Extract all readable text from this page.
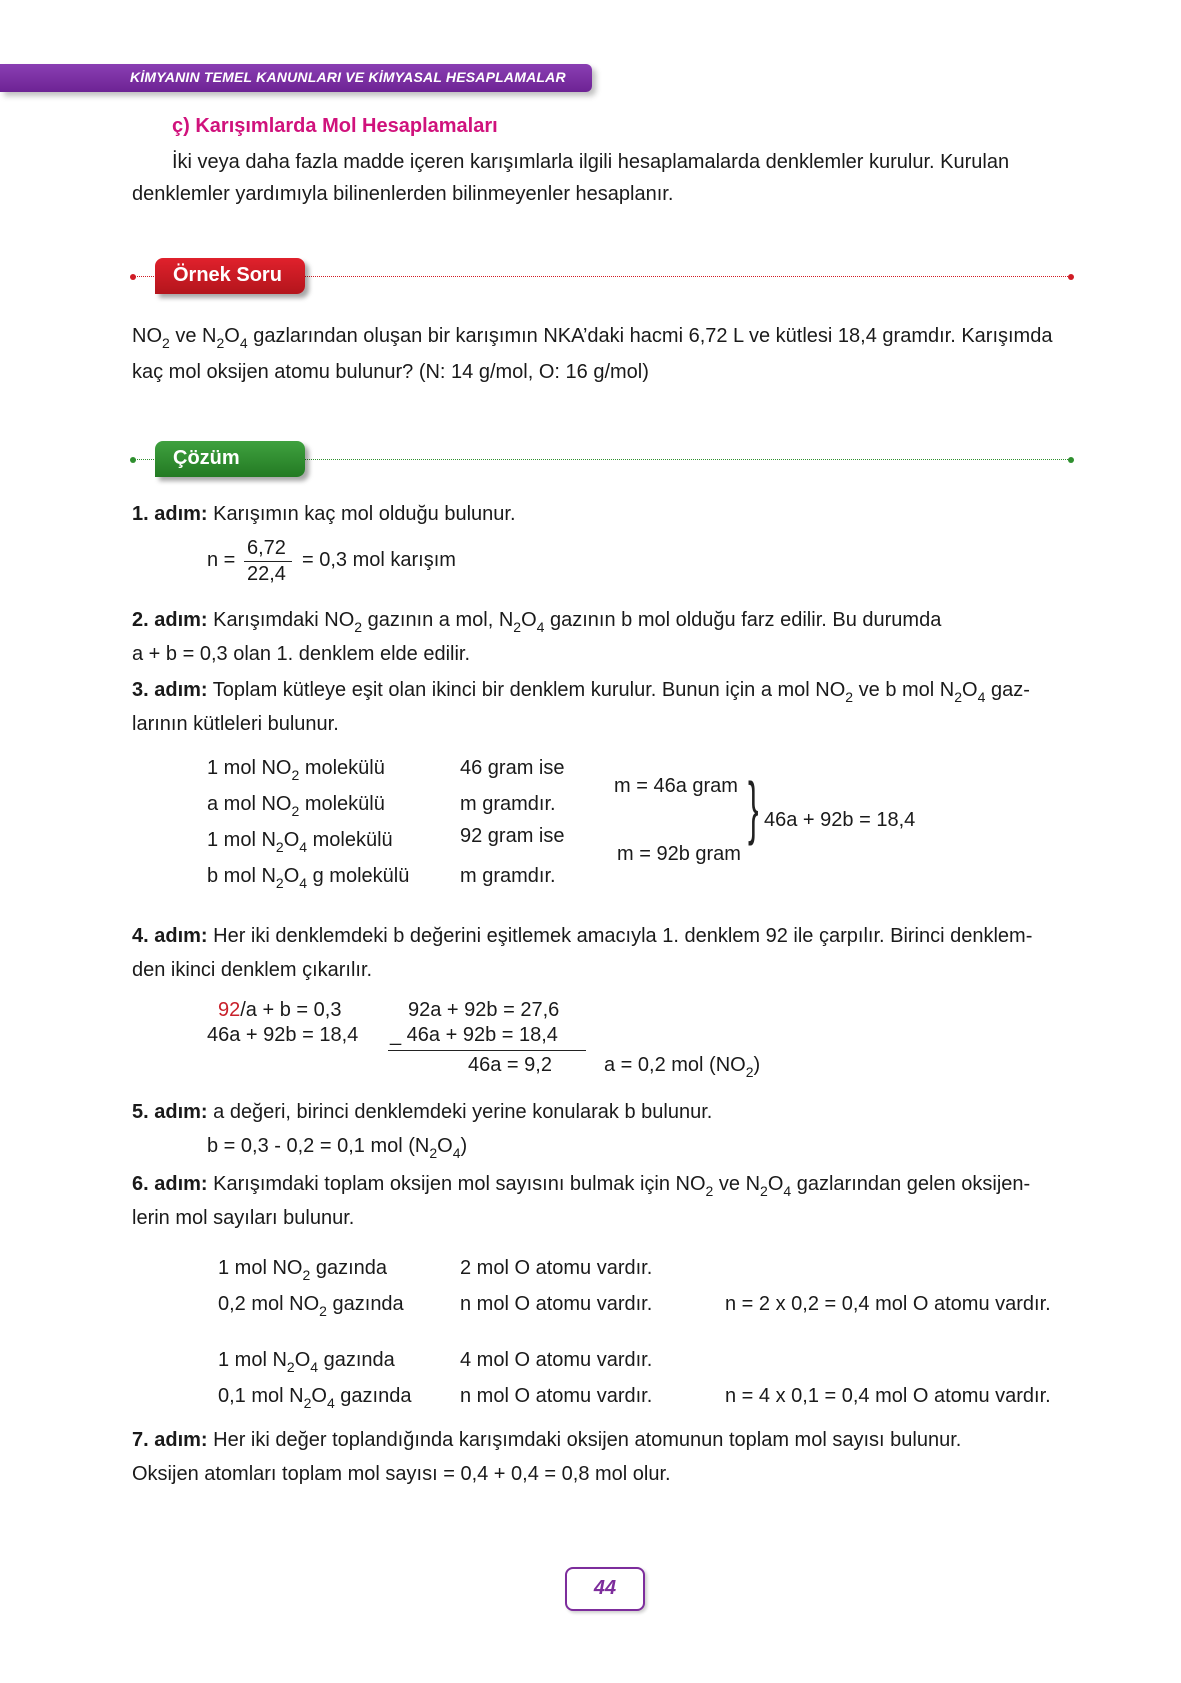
KİMYANIN TEMEL KANUNLARI VE KİMYASAL HESAPLAMALAR
ç) Karışımlarda Mol Hesaplamaları
İki veya daha fazla madde içeren karışımlarla ilgili hesaplamalarda denklemler kurulur. Kurulan
denklemler yardımıyla bilinenlerden bilinmeyenler hesaplanır.
Örnek Soru
$NO_2$ ve $N_2O_4$ gazlarından oluşan bir karışımın NKA’daki hacmi 6,72 L ve kütlesi 18,4 gramdır. Karışımda
kaç mol oksijen atomu bulunur? (N: 14 g/mol, O: 16 g/mol)
Çözüm
1. adım: Karışımın kaç mol olduğu bulunur.
n =
6,72
22,4
= 0,3 mol karışım
2. adım: Karışımdaki $NO_2$ gazının a mol, $N_2O_4$ gazının b mol olduğu farz edilir. Bu durumda
a + b = 0,3 olan 1. denklem elde edilir.
3. adım: Toplam kütleye eşit olan ikinci bir denklem kurulur. Bunun için a mol $NO_2$ ve b mol $N_2O_4$ gaz-
larının kütleleri bulunur.
1 mol $NO_2$ molekülü	46 gram ise
a mol $NO_2$ molekülü	m gramdır.
1 mol $N_2O_4$ molekülü	92 gram ise
b mol $N_2O_4$ g molekülü	m gramdır.
m = 46a gram
m = 92b gram
} 46a + 92b = 18,4
4. adım: Her iki denklemdeki b değerini eşitlemek amacıyla 1. denklem 92 ile çarpılır. Birinci denklem-
den ikinci denklem çıkarılır.
92/a + b = 0,3
46a + 92b = 18,4
92a + 92b = 27,6
_ 46a + 92b = 18,4
46a = 9,2	a = 0,2 mol $(NO_2)$
5. adım: a değeri, birinci denklemdeki yerine konularak b bulunur.
b = 0,3 - 0,2 = 0,1 mol $(N_2O_4)$
6. adım: Karışımdaki toplam oksijen mol sayısını bulmak için $NO_2$ ve $N_2O_4$ gazlarından gelen oksijen-
lerin mol sayıları bulunur.
1 mol $NO_2$ gazında	2 mol O atomu vardır.
0,2 mol $NO_2$ gazında	n mol O atomu vardır.	n = 2 x 0,2 = 0,4 mol O atomu vardır.
1 mol $N_2O_4$ gazında	4 mol O atomu vardır.
0,1 mol $N_2O_4$ gazında n mol O atomu vardır.	n = 4 x 0,1 = 0,4 mol O atomu vardır.
7. adım: Her iki değer toplandığında karışımdaki oksijen atomunun toplam mol sayısı bulunur.
Oksijen atomları toplam mol sayısı = 0,4 + 0,4 = 0,8 mol olur.
44
